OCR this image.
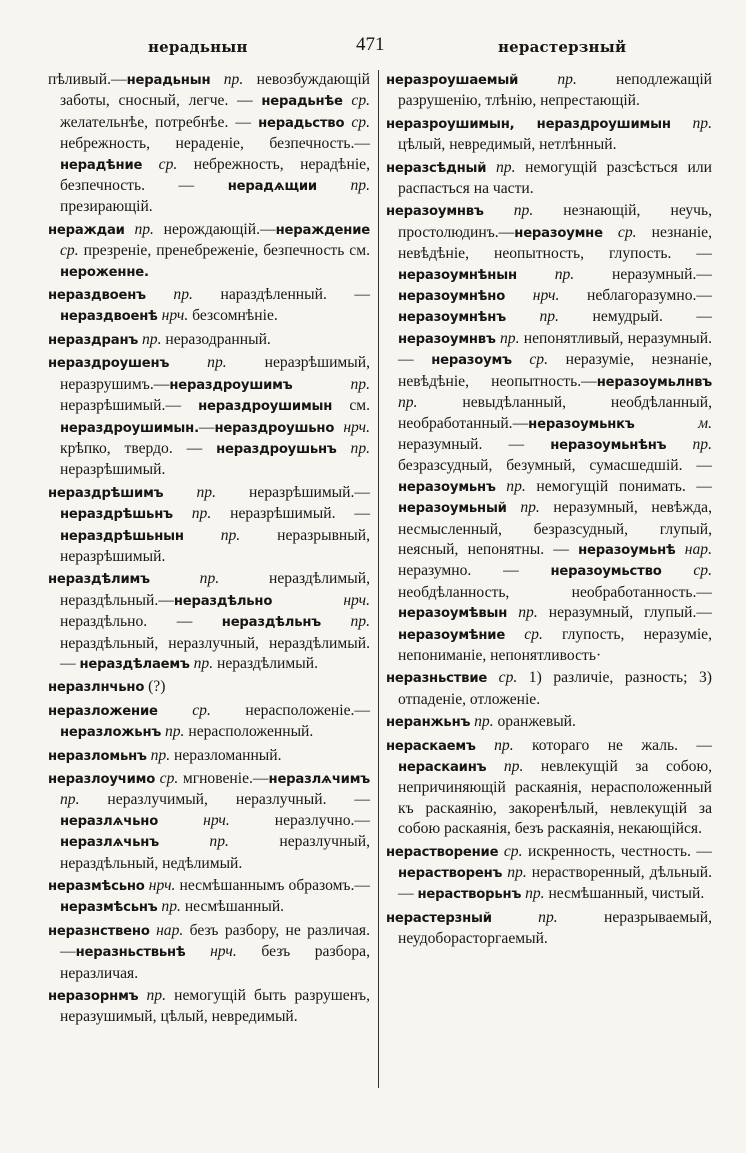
нерадьнын	471	нерастерзный
пѣливый.—нерадьнын пр. невозбуждающій заботы, сносный, легче. — нерадьнѣе ср. желательнѣе, потребнѣе. — нерадьство ср. небрежность, нераденіе, безпечность.—нерадѣние ср. небрежность, нерадѣніе, безпечность. — нерадѧщии пр. презирающій.
нераждаи пр. нерождающій.—нераждение ср. презреніе, пренебреженіе, безпечность см. нероженне.
нераздвоенъ пр. нараздѣленный. — нераздвоенѣ нрч. безсомнѣніе.
нераздранъ пр. неразодранный.
нераздроушенъ пр. неразрѣшимый, неразрушимъ.—нераздроушимъ пр. неразрѣшимый.— нераздроушимын см. нераздроушимын.—нераздроушьно нрч. крѣпко, твердо. — нераздроушьнъ пр. неразрѣшимый.
нераздрѣшимъ пр. неразрѣшимый.—нераздрѣшьнъ пр. неразрѣшимый. —нераздрѣшьнын пр. неразрывный, неразрѣшимый.
нераздѣлимъ пр. нераздѣлимый, нераздѣльный.—нераздѣльно нрч. нераздѣльно. — нераздѣльнъ пр. нераздѣльный, неразлучный, нераздѣлимый. — нераздѣлаемъ пр. нераздѣлимый.
неразлнчьно (?)
неразложение ср. нерасположеніе.—неразложьнъ пр. нерасположенный.
неразломьнъ пр. неразломанный.
неразлоучимо ср. мгновеніе.—неразлѧчимъ пр. неразлучимый, неразлучный. — неразлѧчьно нрч. неразлучно.— неразлѧчьнъ пр. неразлучный, нераздѣльный, недѣлимый.
неразмѣсьно нрч. несмѣшаннымъ образомъ.—неразмѣсьнъ пр. несмѣшанный.
неразнствено нар. безъ разбору, не различая.—неразньствьнѣ нрч. безъ разбора, неразличая.
неразорнмъ пр. немогущій быть разрушенъ, неразушимый, цѣлый, невредимый.
неразроушаемый пр. неподлежащій разрушенію, тлѣнію, непрестающій.
неразроушимын, нераздроушимын пр. цѣлый, невредимый, нетлѣнный.
неразсѣдный пр. немогущій разсѣсться или распасться на части.
неразоумнвъ пр. незнающій, неучь, простолюдинъ.—неразоумне ср. незнаніе, невѣдѣніе, неопытность, глупость. — неразоумнѣнын пр. неразумный.—неразоумнѣно нрч. неблагоразумно.—неразоумнѣнъ пр. немудрый. — неразоумнвъ пр. непонятливый, неразумный. — неразоумъ ср. неразуміе, незнаніе, невѣдѣніе, неопытность.—неразоумьлнвъ пр. невыдѣланный, необдѣланный, необработанный.—неразоумьнкъ м. неразумный. — неразоумьнѣнъ пр. безразсудный, безумный, сумасшедшій. — неразоумьнъ пр. немогущій понимать. — неразоумьный пр. неразумный, невѣжда, несмысленный, безразсудный, глупый, неясный, непонятны. — неразоумьнѣ нар. неразумно. — неразоумьство ср. необдѣланность, необработанность.—неразоумѣвын пр. неразумный, глупый.—неразоумѣние ср. глупость, неразуміе, непониманіе, непонятливость·
неразньствие ср. 1) различіе, разность; 3) отпаденіе, отложеніе.
неранжьнъ пр. оранжевый.
нераскаемъ пр. котораго не жаль. — нераскаинъ пр. невлекущій за собою, непричиняющій раскаянія, нерасположенный къ раскаянію, закоренѣлый, невлекущій за собою раскаянія, безъ раскаянія, некающійся.
нерастворение ср. искренность, честность. — нерастворенъ пр. нерастворенный, дѣльный. — нерастворьнъ пр. несмѣшанный, чистый.
нерастерзный пр. неразрываемый, неудоборасторгаемый.
